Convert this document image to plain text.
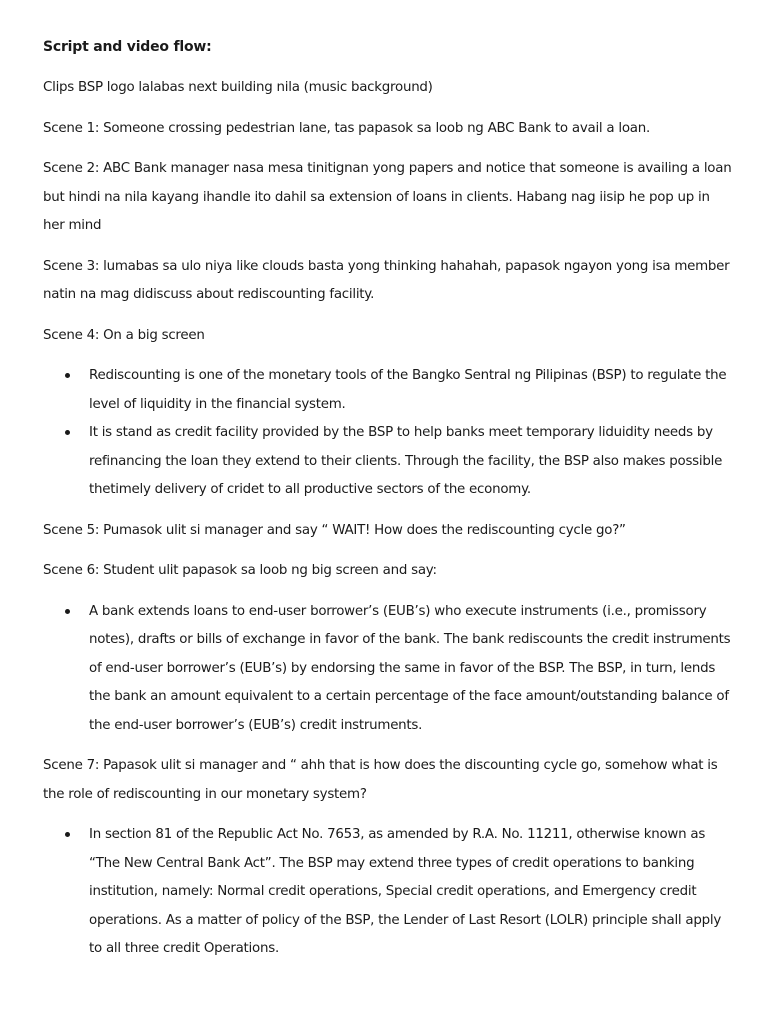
Script and video flow:

Clips BSP logo lalabas next building nila (music background)

Scene 1: Someone crossing pedestrian lane, tas papasok sa loob ng ABC Bank to avail a loan.

Scene 2: ABC Bank manager nasa mesa tinitignan yong papers and notice that someone is availing a loan but hindi na nila kayang ihandle ito dahil sa extension of loans in clients. Habang nag iisip he pop up in her mind

Scene 3: lumabas sa ulo niya like clouds basta yong thinking hahahah, papasok ngayon yong isa member natin na mag didiscuss about rediscounting facility.

Scene 4: On a big screen

Rediscounting is one of the monetary tools of the Bangko Sentral ng Pilipinas (BSP) to regulate the level of liquidity in the financial system.
It is stand as credit facility provided by the BSP to help banks meet temporary liduidity needs by refinancing the loan they extend to their clients. Through the facility, the BSP also makes possible thetimely delivery of cridet to all productive sectors of the economy.

Scene 5: Pumasok ulit si manager and say “ WAIT! How does the rediscounting cycle go?”

Scene 6: Student ulit papasok sa loob ng big screen and say:

A bank extends loans to end-user borrower’s (EUB’s) who execute instruments (i.e., promissory notes), drafts or bills of exchange in favor of the bank. The bank rediscounts the credit instruments of end-user borrower’s (EUB’s) by endorsing the same in favor of the BSP. The BSP, in turn, lends the bank an amount equivalent to a certain percentage of the face amount/outstanding balance of the end-user borrower’s (EUB’s) credit instruments.

Scene 7: Papasok ulit si manager and “ ahh that is how does the discounting cycle go, somehow what is the role of rediscounting in our monetary system?

In section 81 of the Republic Act No. 7653, as amended by R.A. No. 11211, otherwise known as “The New Central Bank Act”. The BSP may extend three types of credit operations to banking institution, namely: Normal credit operations, Special credit operations, and Emergency credit operations. As a matter of policy of the BSP, the Lender of Last Resort (LOLR) principle shall apply to all three credit Operations.
